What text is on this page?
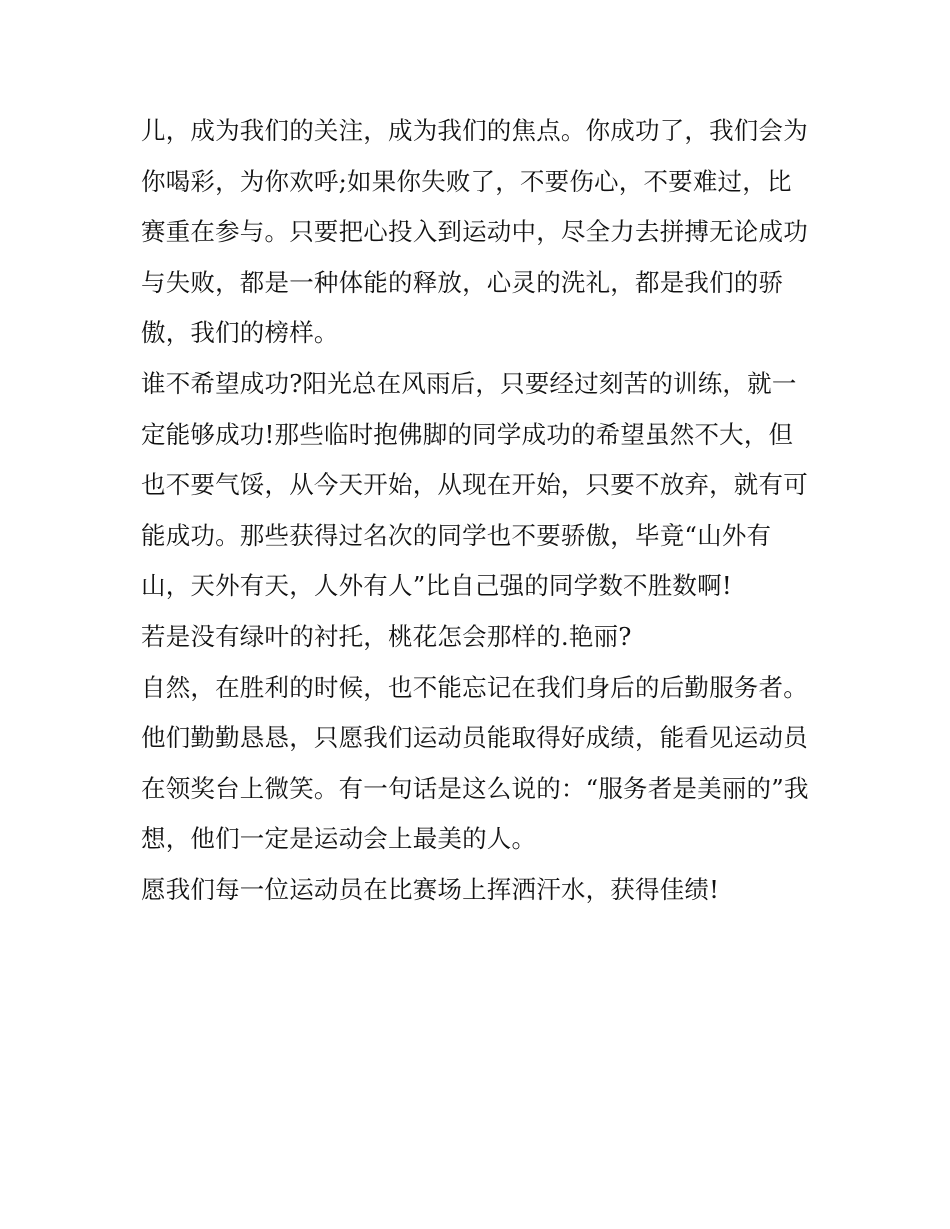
儿，成为我们的关注，成为我们的焦点。你成功了，我们会为
你喝彩，为你欢呼;如果你失败了，不要伤心，不要难过，比
赛重在参与。只要把心投入到运动中，尽全力去拼搏无论成功
与失败，都是一种体能的释放，心灵的洗礼，都是我们的骄
傲，我们的榜样。
谁不希望成功?阳光总在风雨后，只要经过刻苦的训练，就一
定能够成功!那些临时抱佛脚的同学成功的希望虽然不大，但
也不要气馁，从今天开始，从现在开始，只要不放弃，就有可
能成功。那些获得过名次的同学也不要骄傲，毕竟“山外有
山，天外有天，人外有人”比自己强的同学数不胜数啊!
若是没有绿叶的衬托，桃花怎会那样的.艳丽?
自然，在胜利的时候，也不能忘记在我们身后的后勤服务者。
他们勤勤恳恳，只愿我们运动员能取得好成绩，能看见运动员
在领奖台上微笑。有一句话是这么说的：“服务者是美丽的”我
想，他们一定是运动会上最美的人。
愿我们每一位运动员在比赛场上挥洒汗水，获得佳绩!
